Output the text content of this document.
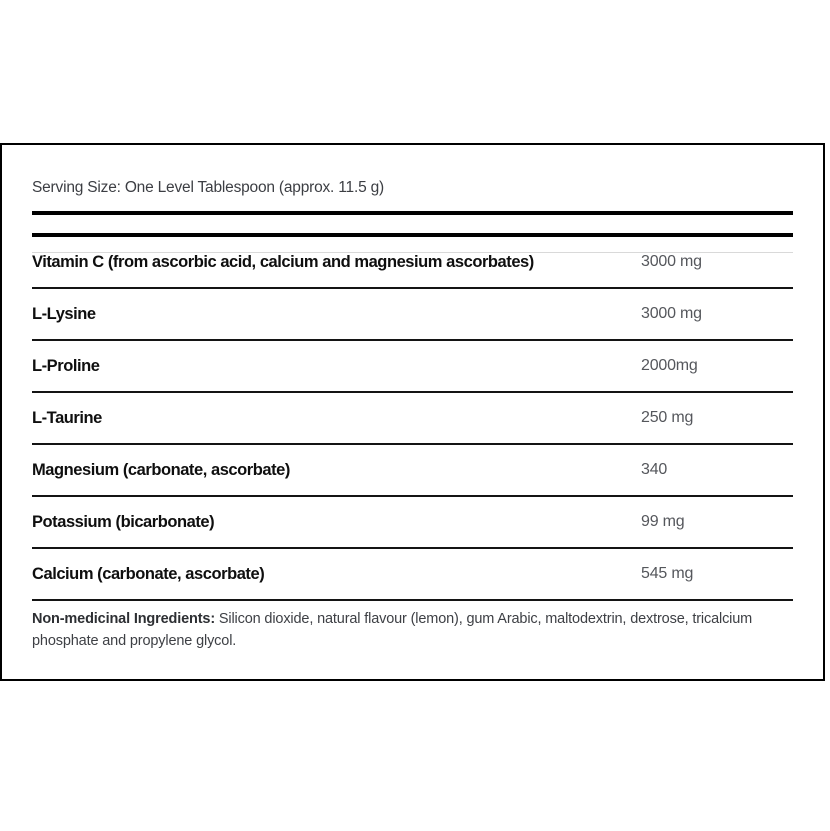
Serving Size: One Level Tablespoon (approx. 11.5 g)
Vitamin C (from ascorbic acid, calcium and magnesium ascorbates)	3000 mg
L-Lysine	3000 mg
L-Proline	2000mg
L-Taurine	250 mg
Magnesium (carbonate, ascorbate)	340
Potassium (bicarbonate)	99 mg
Calcium (carbonate, ascorbate)	545 mg
Non-medicinal Ingredients: Silicon dioxide, natural flavour (lemon), gum Arabic, maltodextrin, dextrose, tricalcium phosphate and propylene glycol.
